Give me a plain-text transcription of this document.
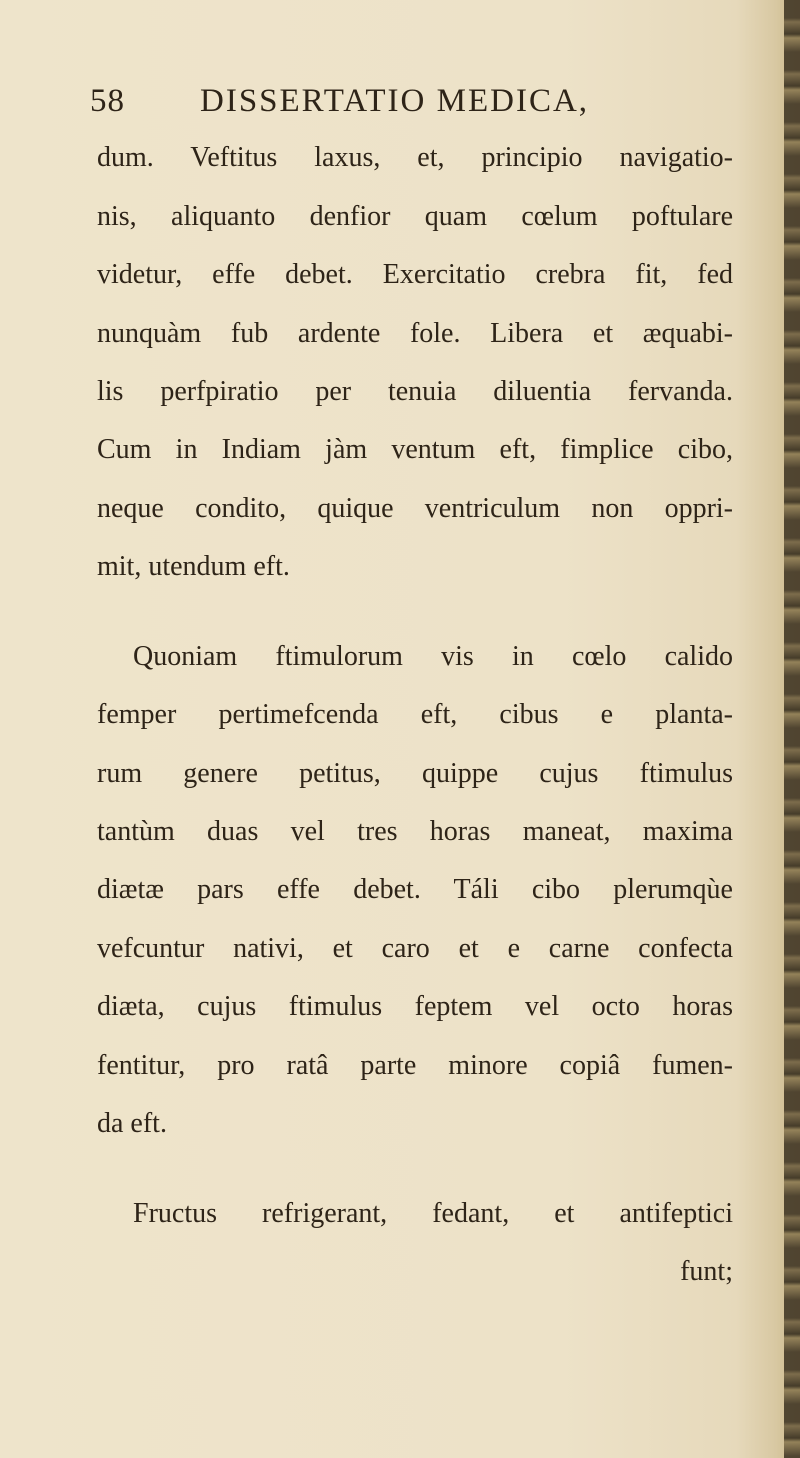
58 DISSERTATIO MEDICA,
dum. Veftitus laxus, et, principio navigatio-
nis, aliquanto denfior quam cœlum poftulare
videtur, effe debet. Exercitatio crebra fit, fed
nunquàm fub ardente fole. Libera et æquabi-
lis perfpiratio per tenuia diluentia fervanda.
Cum in Indiam jàm ventum eft, fimplice cibo,
neque condito, quique ventriculum non oppri-
mit, utendum eft.
Quoniam ftimulorum vis in cœlo calido
femper pertimefcenda eft, cibus e planta-
rum genere petitus, quippe cujus ftimulus
tantùm duas vel tres horas maneat, maxima
diætæ pars effe debet. Táli cibo plerumqùe
vefcuntur nativi, et caro et e carne confecta
diæta, cujus ftimulus feptem vel octo horas
fentitur, pro ratâ parte minore copiâ fumen-
da eft.
Fructus refrigerant, fedant, et antifeptici
funt;
